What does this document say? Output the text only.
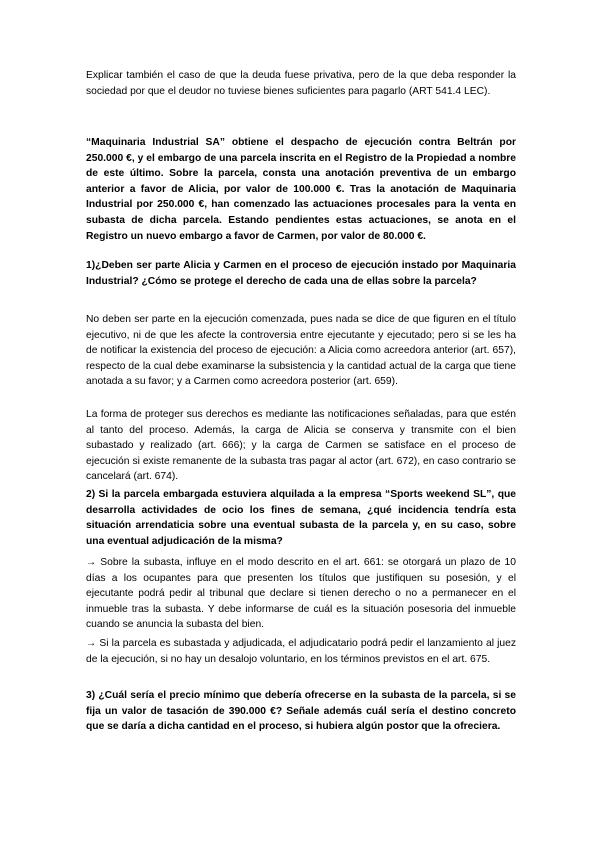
Explicar también el caso de que la deuda fuese privativa, pero de la que deba responder la sociedad por que el deudor no tuviese bienes suficientes para pagarlo (ART 541.4 LEC).

“Maquinaria Industrial SA” obtiene el despacho de ejecución contra Beltrán por 250.000 €, y el embargo de una parcela inscrita en el Registro de la Propiedad a nombre de este último. Sobre la parcela, consta una anotación preventiva de un embargo anterior a favor de Alicia, por valor de 100.000 €. Tras la anotación de Maquinaria Industrial por 250.000 €, han comenzado las actuaciones procesales para la venta en subasta de dicha parcela. Estando pendientes estas actuaciones, se anota en el Registro un nuevo embargo a favor de Carmen, por valor de 80.000 €.

1)¿Deben ser parte Alicia y Carmen en el proceso de ejecución instado por Maquinaria Industrial? ¿Cómo se protege el derecho de cada una de ellas sobre la parcela?

No deben ser parte en la ejecución comenzada, pues nada se dice de que figuren en el título ejecutivo, ni de que les afecte la controversia entre ejecutante y ejecutado; pero si se les ha de notificar la existencia del proceso de ejecución: a Alicia como acreedora anterior (art. 657), respecto de la cual debe examinarse la subsistencia y la cantidad actual de la carga que tiene anotada a su favor; y a Carmen como acreedora posterior (art. 659).

La forma de proteger sus derechos es mediante las notificaciones señaladas, para que estén al tanto del proceso. Además, la carga de Alicia se conserva y transmite con el bien subastado y realizado (art. 666); y la carga de Carmen se satisface en el proceso de ejecución si existe remanente de la subasta tras pagar al actor (art. 672), en caso contrario se cancelará (art. 674).

2) Si la parcela embargada estuviera alquilada a la empresa “Sports weekend SL”, que desarrolla actividades de ocio los fines de semana, ¿qué incidencia tendría esta situación arrendaticia sobre una eventual subasta de la parcela y, en su caso, sobre una eventual adjudicación de la misma?

→ Sobre la subasta, influye en el modo descrito en el art. 661: se otorgará un plazo de 10 días a los ocupantes para que presenten los títulos que justifiquen su posesión, y el ejecutante podrá pedir al tribunal que declare si tienen derecho o no a permanecer en el inmueble tras la subasta. Y debe informarse de cuál es la situación posesoria del inmueble cuando se anuncia la subasta del bien.

→ Si la parcela es subastada y adjudicada, el adjudicatario podrá pedir el lanzamiento al juez de la ejecución, si no hay un desalojo voluntario, en los términos previstos en el art. 675.

3) ¿Cuál sería el precio mínimo que debería ofrecerse en la subasta de la parcela, si se fija un valor de tasación de 390.000 €? Señale además cuál sería el destino concreto que se daría a dicha cantidad en el proceso, si hubiera algún postor que la ofreciera.
